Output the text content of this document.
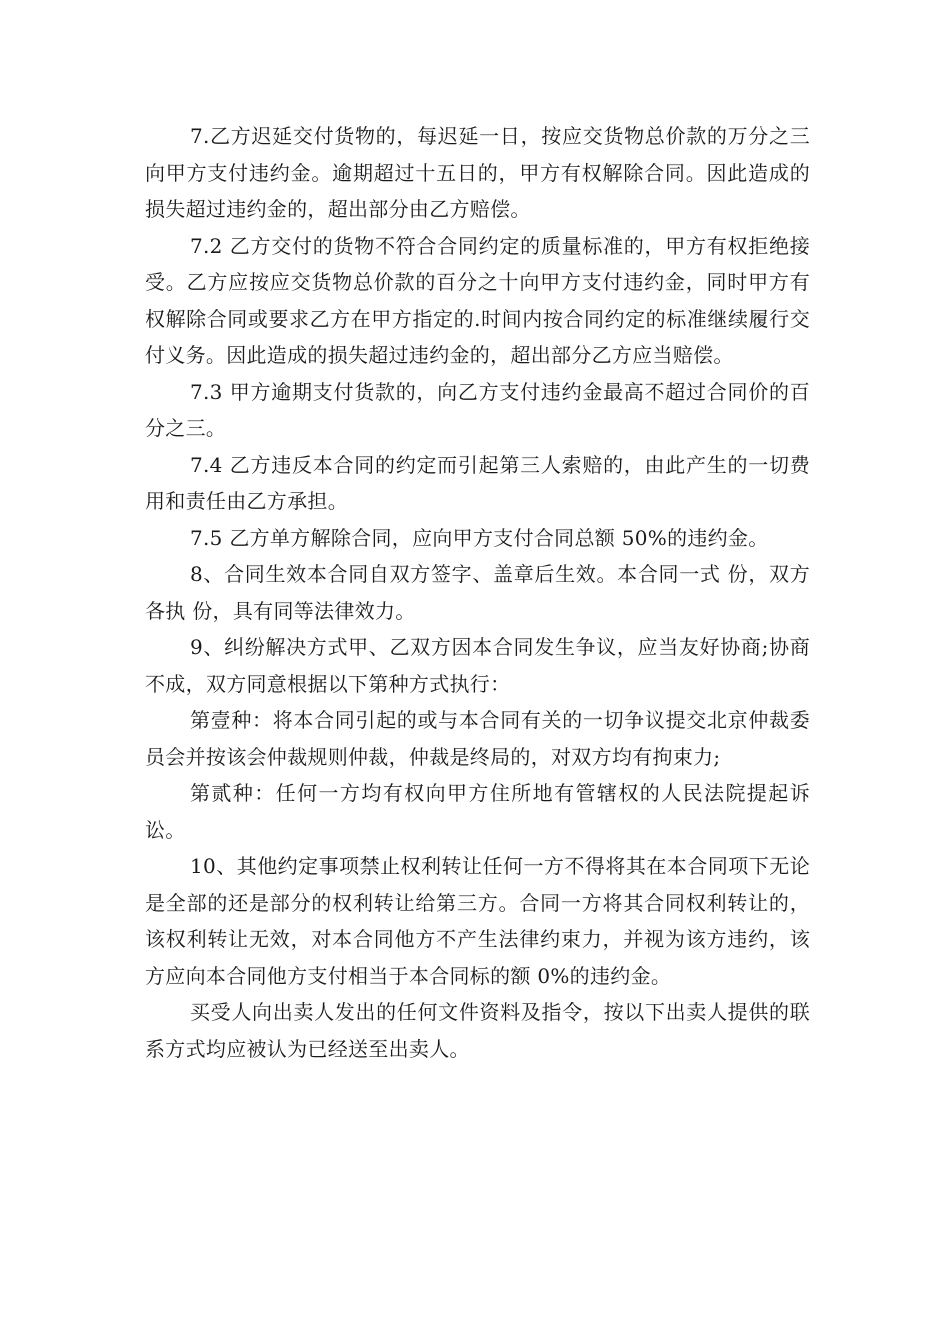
7.乙方迟延交付货物的，每迟延一日，按应交货物总价款的万分之三向甲方支付违约金。逾期超过十五日的，甲方有权解除合同。因此造成的损失超过违约金的，超出部分由乙方赔偿。

7.2 乙方交付的货物不符合合同约定的质量标准的，甲方有权拒绝接受。乙方应按应交货物总价款的百分之十向甲方支付违约金，同时甲方有权解除合同或要求乙方在甲方指定的.时间内按合同约定的标准继续履行交付义务。因此造成的损失超过违约金的，超出部分乙方应当赔偿。

7.3 甲方逾期支付货款的，向乙方支付违约金最高不超过合同价的百分之三。

7.4 乙方违反本合同的约定而引起第三人索赔的，由此产生的一切费用和责任由乙方承担。

7.5 乙方单方解除合同，应向甲方支付合同总额 50%的违约金。

8、合同生效本合同自双方签字、盖章后生效。本合同一式 份，双方各执 份，具有同等法律效力。

9、纠纷解决方式甲、乙双方因本合同发生争议，应当友好协商;协商不成，双方同意根据以下第种方式执行：

第壹种：将本合同引起的或与本合同有关的一切争议提交北京仲裁委员会并按该会仲裁规则仲裁，仲裁是终局的，对双方均有拘束力;

第贰种：任何一方均有权向甲方住所地有管辖权的人民法院提起诉讼。

10、其他约定事项禁止权利转让任何一方不得将其在本合同项下无论是全部的还是部分的权利转让给第三方。合同一方将其合同权利转让的，该权利转让无效，对本合同他方不产生法律约束力，并视为该方违约，该方应向本合同他方支付相当于本合同标的额 0%的违约金。

买受人向出卖人发出的任何文件资料及指令，按以下出卖人提供的联系方式均应被认为已经送至出卖人。
